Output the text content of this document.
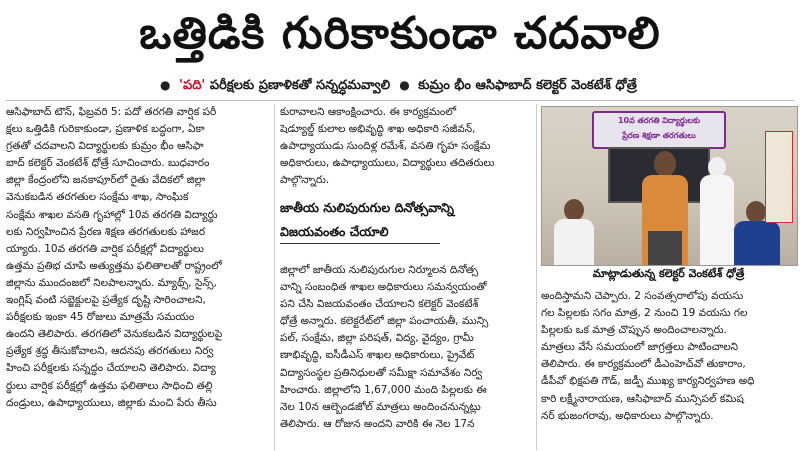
ఒత్తిడికి గురికాకుండా చదవాలి
● 'పది' పరీక్షలకు ప్రణాళికతో సన్నద్ధమవ్వాలి ● కుమ్రం భీం ఆసిఫాబాద్ కలెక్టర్ వెంకటేశ్ ధోత్రే
ఆసిఫాబాద్ టౌన్, ఫిబ్రవరి 5: పదో తరగతి వార్షిక పరీ
క్షలు ఒత్తిడికి గురికాకుండా, ప్రణాళిక బద్ధంగా, ఏకా
గ్రతతో చదవాలని విద్యార్థులకు కుమ్రం భీం ఆసిఫా
బాద్ కలెక్టర్ వెంకటేశ్ ధోత్రే సూచించారు. బుధవారం
జిల్లా కేంద్రంలోని జనకాపూర్‌లో రైతు వేదికలో జిల్లా
వెనుకబడిన తరగతుల సంక్షేమ శాఖ, సాంఘిక
సంక్షేమ శాఖల వసతి గృహాల్లో 10వ తరగతి విద్యార్థు
లకు నిర్వహించిన ప్రేరణ శిక్షణ తరగతులకు హాజర
య్యారు. 10వ తరగతి వార్షిక పరీక్షల్లో విద్యార్థులు
ఉత్తమ ప్రతిభ చూపి అత్యుత్తమ ఫలితాలతో రాష్ట్రంలో
జిల్లాను ముందంజలో నిలపాలన్నారు. మ్యాథ్స్, సైన్స్,
ఇంగ్లిష్ వంటి సబ్జెక్టులపై ప్రత్యేక దృష్టి సారించాలని,
పరీక్షలకు ఇంకా 45 రోజులు మాత్రమే సమయం
ఉందని తెలిపారు. తరగతిలో వెనుకబడిన విద్యార్థులపై
ప్రత్యేక శ్రద్ధ తీసుకోవాలని, ఆదనపు తరగతులు నిర్వ
హించి పరీక్షలకు సన్నద్ధం చేయాలని తెలిపారు. విద్యా
ర్థులు వార్షిక పరీక్షల్లో ఉత్తమ ఫలితాలు సాధించి తల్లి
దండ్రులు, ఉపాధ్యాయులు, జిల్లాకు మంచి పేరు తీసు
కురావాలని ఆకాంక్షించారు. ఈ కార్యక్రమంలో
షెడ్యూల్డ్ కులాల అభివృద్ధి శాఖ అధికారి సజీవన్,
ఉపాధ్యాయుడు సుందిళ్ల రమేశ్, వసతి గృహ సంక్షేమ
అధికారులు, ఉపాధ్యాయులు, విద్యార్థులు తదితరులు
పాల్గొన్నారు.
జాతీయ నులిపురుగుల దినోత్సవాన్ని
విజయవంతం చేయాలి
జిల్లాలో జాతీయ నులిపురుగుల నిర్మూలన దినోత్స
వాన్ని సంబంధిత శాఖల అధికారులు సమన్వయంతో
పని చేసి విజయవంతం చేయాలని కలెక్టర్ వెంకటేశ్
ధోత్రే అన్నారు. కలెక్టరేట్‌లో జిల్లా పంచాయతీ, మున్సి
పల్, సంక్షేమ, జిల్లా పరిషత్, విద్య, వైద్యం, గ్రామీ
ణాభివృద్ధి, ఐసీడీఎస్ శాఖల అధికారులు, ప్రైవేట్
విద్యాసంస్థల ప్రతినిధులతో సమీక్షా సమావేశం నిర్వ
హించారు. జిల్లాలోని 1,67,000 మంది పిల్లలకు ఈ
నెల 10న ఆల్బెండజోల్ మాత్రలు అందించనున్నట్లు
తెలిపారు. ఆ రోజున అందని వారికి ఈ నెల 17న
10వ తరగతి విద్యార్థులకు
ప్రేరణ శిక్షణా తరగతులు
మాట్లాడుతున్న కలెక్టర్ వెంకటేశ్ ధోత్రే
అందిస్తామని చెప్పారు. 2 సంవత్సరాలోపు వయసు
గల పిల్లలకు సగం మాత్ర, 2 నుంచి 19 వయసు గల
పిల్లలకు ఒక మాత్ర చొప్పున అందించాలన్నారు.
మాత్రలు వేసే సమయంలో జాగ్రత్తలు పాటించాలని
తెలిపారు. ఈ కార్యక్రమంలో డీఎంహెచ్‌వో తుకారాం,
డీపీవో భిక్షపతి గౌడ్, జడ్పీ ముఖ్య కార్యనిర్వహణ అధి
కారి లక్ష్మీనారాయణ, ఆసిఫాబాద్ మున్సిపల్ కమిష
నర్ భుజంగరావు, అధికారులు పాల్గొన్నారు.
